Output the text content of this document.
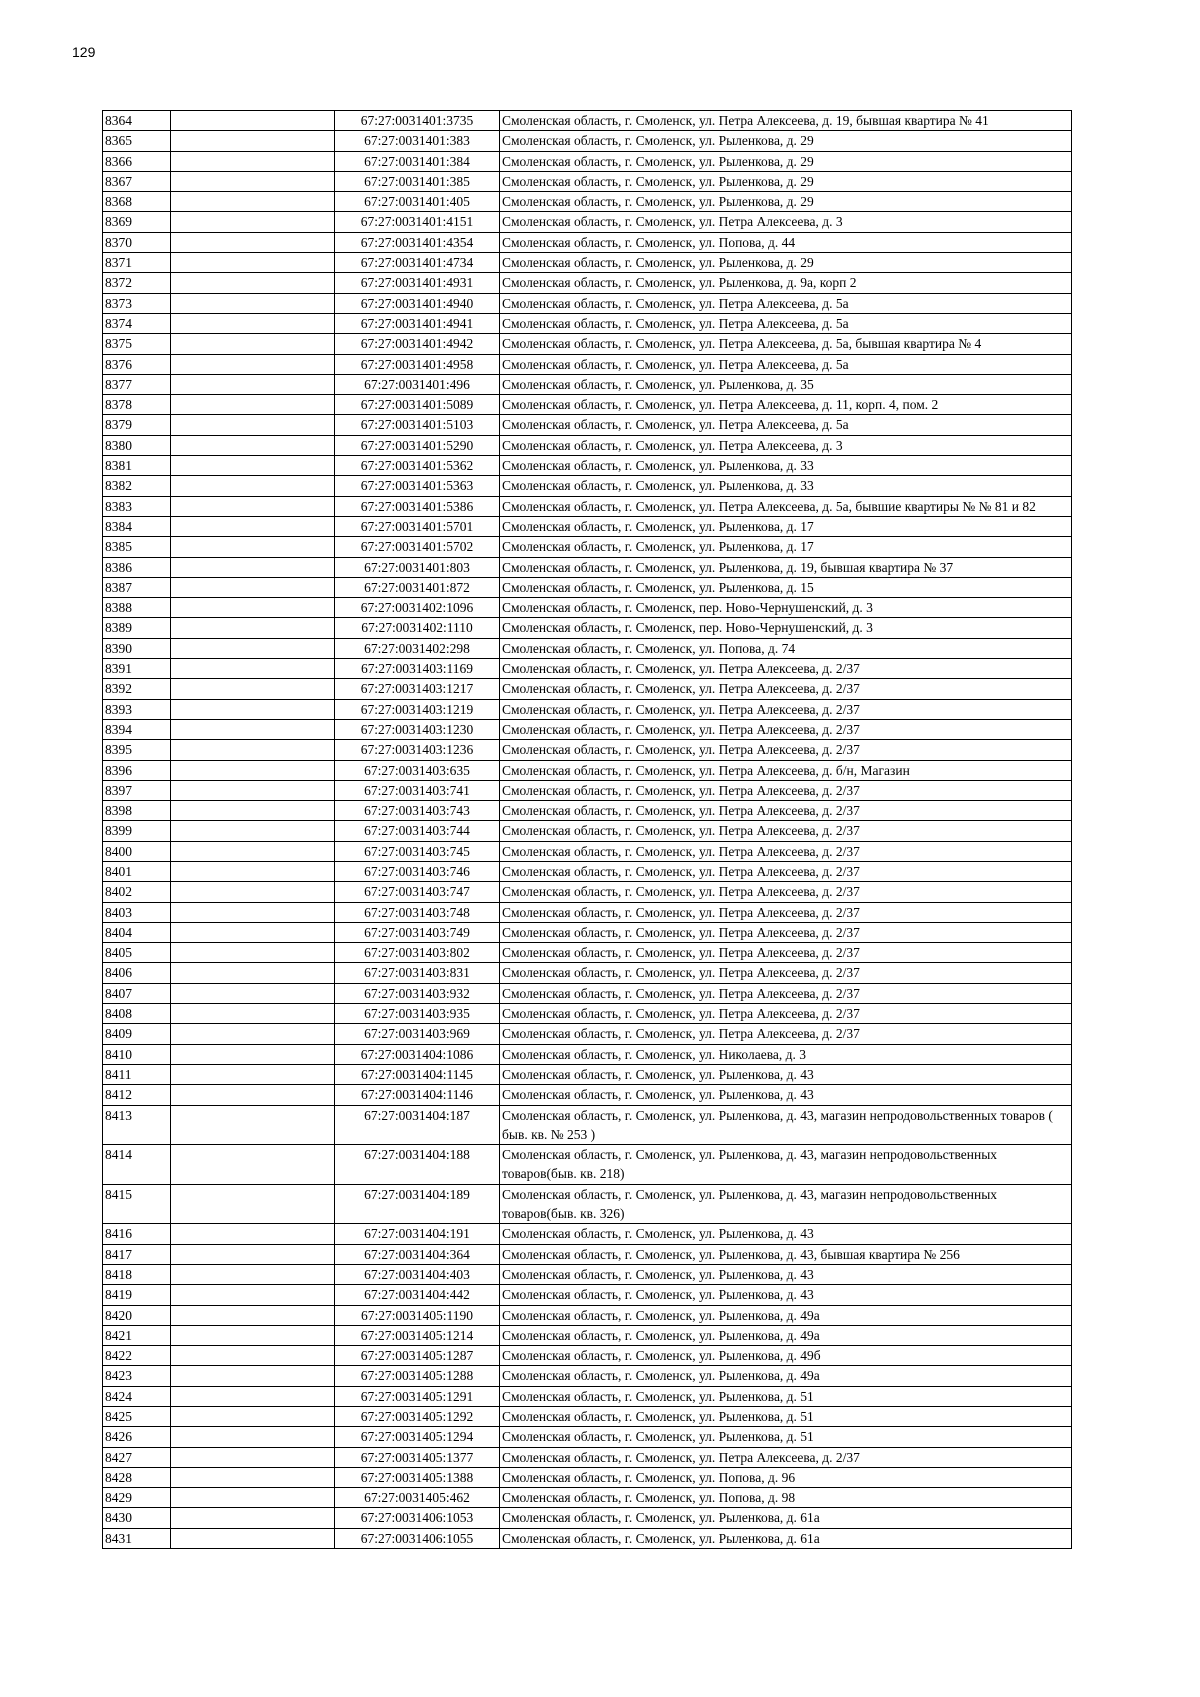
129
8364		67:27:0031401:3735	Смоленская область, г. Смоленск, ул. Петра Алексеева, д. 19, бывшая квартира № 41
8365		67:27:0031401:383	Смоленская область, г. Смоленск, ул. Рыленкова, д. 29
8366		67:27:0031401:384	Смоленская область, г. Смоленск, ул. Рыленкова, д. 29
8367		67:27:0031401:385	Смоленская область, г. Смоленск, ул. Рыленкова, д. 29
8368		67:27:0031401:405	Смоленская область, г. Смоленск, ул. Рыленкова, д. 29
8369		67:27:0031401:4151	Смоленская область, г. Смоленск, ул. Петра Алексеева, д. 3
8370		67:27:0031401:4354	Смоленская область, г. Смоленск, ул. Попова, д. 44
8371		67:27:0031401:4734	Смоленская область, г. Смоленск, ул. Рыленкова, д. 29
8372		67:27:0031401:4931	Смоленская область, г. Смоленск, ул. Рыленкова, д. 9а, корп 2
8373		67:27:0031401:4940	Смоленская область, г. Смоленск, ул. Петра Алексеева, д. 5а
8374		67:27:0031401:4941	Смоленская область, г. Смоленск, ул. Петра Алексеева, д. 5а
8375		67:27:0031401:4942	Смоленская область, г. Смоленск, ул. Петра Алексеева, д. 5а, бывшая квартира № 4
8376		67:27:0031401:4958	Смоленская область, г. Смоленск, ул. Петра Алексеева, д. 5а
8377		67:27:0031401:496	Смоленская область, г. Смоленск, ул. Рыленкова, д. 35
8378		67:27:0031401:5089	Смоленская область, г. Смоленск, ул. Петра Алексеева, д. 11, корп. 4, пом. 2
8379		67:27:0031401:5103	Смоленская область, г. Смоленск, ул. Петра Алексеева, д. 5а
8380		67:27:0031401:5290	Смоленская область, г. Смоленск, ул. Петра Алексеева, д. 3
8381		67:27:0031401:5362	Смоленская область, г. Смоленск, ул. Рыленкова, д. 33
8382		67:27:0031401:5363	Смоленская область, г. Смоленск, ул. Рыленкова, д. 33
8383		67:27:0031401:5386	Смоленская область, г. Смоленск, ул. Петра Алексеева, д. 5а, бывшие квартиры № № 81 и 82
8384		67:27:0031401:5701	Смоленская область, г. Смоленск, ул. Рыленкова, д. 17
8385		67:27:0031401:5702	Смоленская область, г. Смоленск, ул. Рыленкова, д. 17
8386		67:27:0031401:803	Смоленская область, г. Смоленск, ул. Рыленкова, д. 19, бывшая квартира № 37
8387		67:27:0031401:872	Смоленская область, г. Смоленск, ул. Рыленкова, д. 15
8388		67:27:0031402:1096	Смоленская область, г. Смоленск, пер. Ново-Чернушенский, д. 3
8389		67:27:0031402:1110	Смоленская область, г. Смоленск, пер. Ново-Чернушенский, д. 3
8390		67:27:0031402:298	Смоленская область, г. Смоленск, ул. Попова, д. 74
8391		67:27:0031403:1169	Смоленская область, г. Смоленск, ул. Петра Алексеева, д. 2/37
8392		67:27:0031403:1217	Смоленская область, г. Смоленск, ул. Петра Алексеева, д. 2/37
8393		67:27:0031403:1219	Смоленская область, г. Смоленск, ул. Петра Алексеева, д. 2/37
8394		67:27:0031403:1230	Смоленская область, г. Смоленск, ул. Петра Алексеева, д. 2/37
8395		67:27:0031403:1236	Смоленская область, г. Смоленск, ул. Петра Алексеева, д. 2/37
8396		67:27:0031403:635	Смоленская область, г. Смоленск, ул. Петра Алексеева, д. б/н, Магазин
8397		67:27:0031403:741	Смоленская область, г. Смоленск, ул. Петра Алексеева, д. 2/37
8398		67:27:0031403:743	Смоленская область, г. Смоленск, ул. Петра Алексеева, д. 2/37
8399		67:27:0031403:744	Смоленская область, г. Смоленск, ул. Петра Алексеева, д. 2/37
8400		67:27:0031403:745	Смоленская область, г. Смоленск, ул. Петра Алексеева, д. 2/37
8401		67:27:0031403:746	Смоленская область, г. Смоленск, ул. Петра Алексеева, д. 2/37
8402		67:27:0031403:747	Смоленская область, г. Смоленск, ул. Петра Алексеева, д. 2/37
8403		67:27:0031403:748	Смоленская область, г. Смоленск, ул. Петра Алексеева, д. 2/37
8404		67:27:0031403:749	Смоленская область, г. Смоленск, ул. Петра Алексеева, д. 2/37
8405		67:27:0031403:802	Смоленская область, г. Смоленск, ул. Петра Алексеева, д. 2/37
8406		67:27:0031403:831	Смоленская область, г. Смоленск, ул. Петра Алексеева, д. 2/37
8407		67:27:0031403:932	Смоленская область, г. Смоленск, ул. Петра Алексеева, д. 2/37
8408		67:27:0031403:935	Смоленская область, г. Смоленск, ул. Петра Алексеева, д. 2/37
8409		67:27:0031403:969	Смоленская область, г. Смоленск, ул. Петра Алексеева, д. 2/37
8410		67:27:0031404:1086	Смоленская область, г. Смоленск, ул. Николаева, д. 3
8411		67:27:0031404:1145	Смоленская область, г. Смоленск, ул. Рыленкова, д. 43
8412		67:27:0031404:1146	Смоленская область, г. Смоленск, ул. Рыленкова, д. 43
8413		67:27:0031404:187	Смоленская область, г. Смоленск, ул. Рыленкова, д. 43, магазин непродовольственных товаров ( быв. кв. № 253 )
8414		67:27:0031404:188	Смоленская область, г. Смоленск, ул. Рыленкова, д. 43, магазин непродовольственных товаров(быв. кв. 218)
8415		67:27:0031404:189	Смоленская область, г. Смоленск, ул. Рыленкова, д. 43, магазин непродовольственных товаров(быв. кв. 326)
8416		67:27:0031404:191	Смоленская область, г. Смоленск, ул. Рыленкова, д. 43
8417		67:27:0031404:364	Смоленская область, г. Смоленск, ул. Рыленкова, д. 43, бывшая квартира № 256
8418		67:27:0031404:403	Смоленская область, г. Смоленск, ул. Рыленкова, д. 43
8419		67:27:0031404:442	Смоленская область, г. Смоленск, ул. Рыленкова, д. 43
8420		67:27:0031405:1190	Смоленская область, г. Смоленск, ул. Рыленкова, д. 49а
8421		67:27:0031405:1214	Смоленская область, г. Смоленск, ул. Рыленкова, д. 49а
8422		67:27:0031405:1287	Смоленская область, г. Смоленск, ул. Рыленкова, д. 49б
8423		67:27:0031405:1288	Смоленская область, г. Смоленск, ул. Рыленкова, д. 49а
8424		67:27:0031405:1291	Смоленская область, г. Смоленск, ул. Рыленкова, д. 51
8425		67:27:0031405:1292	Смоленская область, г. Смоленск, ул. Рыленкова, д. 51
8426		67:27:0031405:1294	Смоленская область, г. Смоленск, ул. Рыленкова, д. 51
8427		67:27:0031405:1377	Смоленская область, г. Смоленск, ул. Петра Алексеева, д. 2/37
8428		67:27:0031405:1388	Смоленская область, г. Смоленск, ул. Попова, д. 96
8429		67:27:0031405:462	Смоленская область, г. Смоленск, ул. Попова, д. 98
8430		67:27:0031406:1053	Смоленская область, г. Смоленск, ул. Рыленкова, д. 61а
8431		67:27:0031406:1055	Смоленская область, г. Смоленск, ул. Рыленкова, д. 61а
